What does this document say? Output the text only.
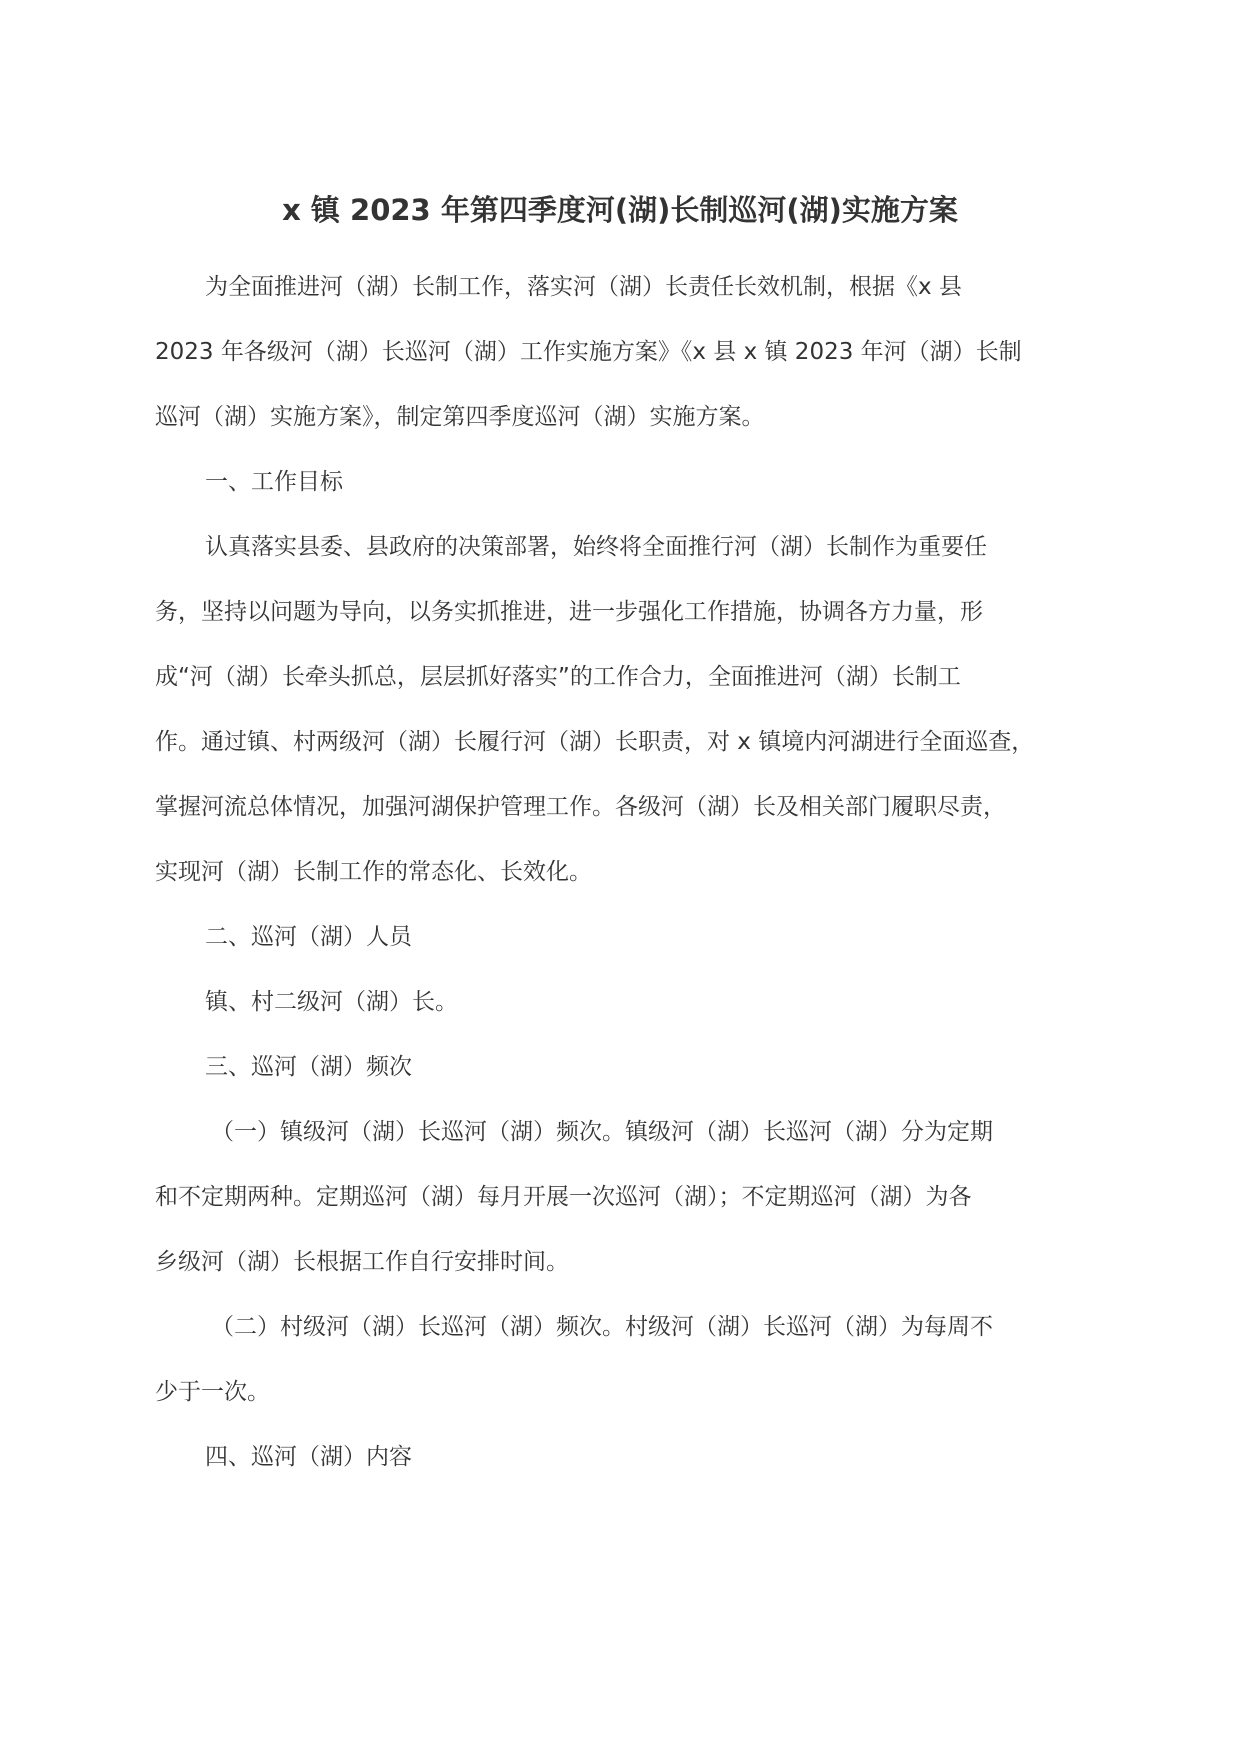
x 镇 2023 年第四季度河(湖)长制巡河(湖)实施方案
为全面推进河（湖）长制工作，落实河（湖）长责任长效机制，根据《x 县
2023 年各级河（湖）长巡河（湖）工作实施方案》《x 县 x 镇 2023 年河（湖）长制
巡河（湖）实施方案》，制定第四季度巡河（湖）实施方案。
一、工作目标
认真落实县委、县政府的决策部署，始终将全面推行河（湖）长制作为重要任
务，坚持以问题为导向，以务实抓推进，进一步强化工作措施，协调各方力量，形
成“河（湖）长牵头抓总，层层抓好落实”的工作合力，全面推进河（湖）长制工
作。通过镇、村两级河（湖）长履行河（湖）长职责，对 x 镇境内河湖进行全面巡查，
掌握河流总体情况，加强河湖保护管理工作。各级河（湖）长及相关部门履职尽责，
实现河（湖）长制工作的常态化、长效化。
二、巡河（湖）人员
镇、村二级河（湖）长。
三、巡河（湖）频次
（一）镇级河（湖）长巡河（湖）频次。镇级河（湖）长巡河（湖）分为定期
和不定期两种。定期巡河（湖）每月开展一次巡河（湖）；不定期巡河（湖）为各
乡级河（湖）长根据工作自行安排时间。
（二）村级河（湖）长巡河（湖）频次。村级河（湖）长巡河（湖）为每周不
少于一次。
四、巡河（湖）内容
